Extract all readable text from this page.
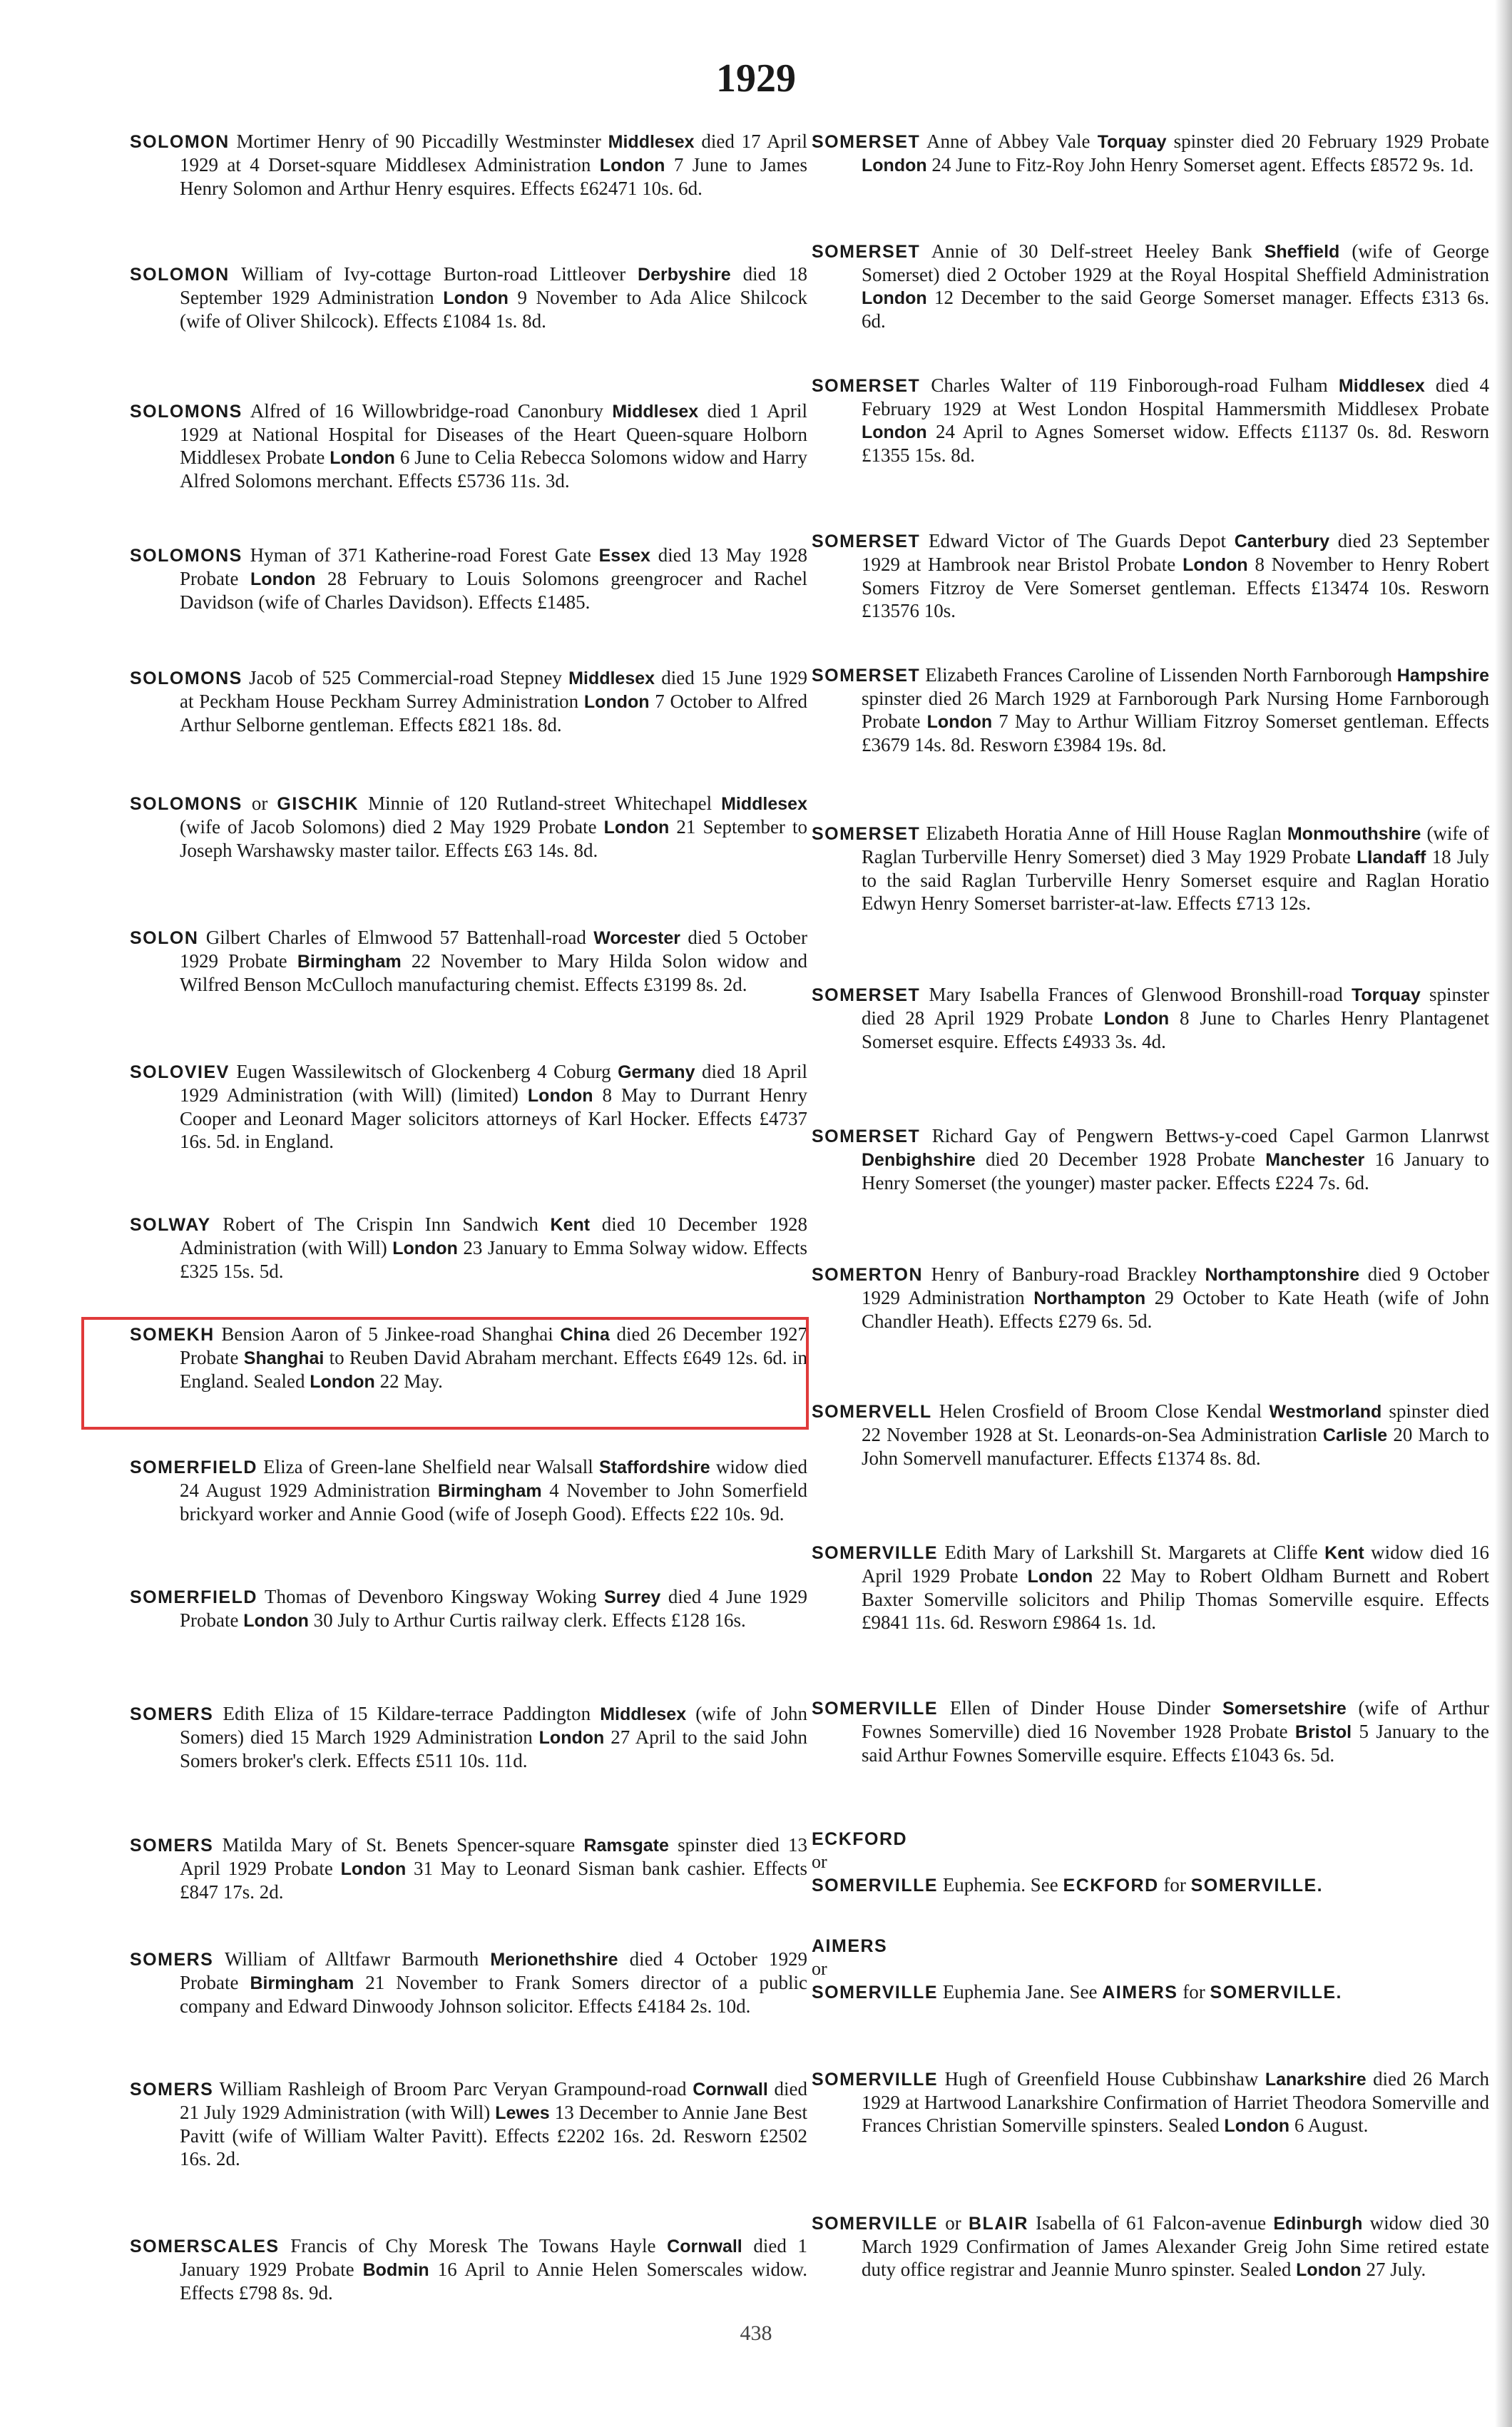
1929
SOLOMON Mortimer Henry of 90 Piccadilly Westminster Middlesex died 17 April 1929 at 4 Dorset-square Middlesex Administration London 7 June to James Henry Solomon and Arthur Henry esquires. Effects £62471 10s. 6d.
SOLOMON William of Ivy-cottage Burton-road Littleover Derbyshire died 18 September 1929 Administration London 9 November to Ada Alice Shilcock (wife of Oliver Shilcock). Effects £1084 1s. 8d.
SOLOMONS Alfred of 16 Willowbridge-road Canonbury Middlesex died 1 April 1929 at National Hospital for Diseases of the Heart Queen-square Holborn Middlesex Probate London 6 June to Celia Rebecca Solomons widow and Harry Alfred Solomons merchant. Effects £5736 11s. 3d.
SOLOMONS Hyman of 371 Katherine-road Forest Gate Essex died 13 May 1928 Probate London 28 February to Louis Solomons greengrocer and Rachel Davidson (wife of Charles Davidson). Effects £1485.
SOLOMONS Jacob of 525 Commercial-road Stepney Middlesex died 15 June 1929 at Peckham House Peckham Surrey Administration London 7 October to Alfred Arthur Selborne gentleman. Effects £821 18s. 8d.
SOLOMONS or GISCHIK Minnie of 120 Rutland-street Whitechapel Middlesex (wife of Jacob Solomons) died 2 May 1929 Probate London 21 September to Joseph Warshawsky master tailor. Effects £63 14s. 8d.
SOLON Gilbert Charles of Elmwood 57 Battenhall-road Worcester died 5 October 1929 Probate Birmingham 22 November to Mary Hilda Solon widow and Wilfred Benson McCulloch manufacturing chemist. Effects £3199 8s. 2d.
SOLOVIEV Eugen Wassilewitsch of Glockenberg 4 Coburg Germany died 18 April 1929 Administration (with Will) (limited) London 8 May to Durrant Henry Cooper and Leonard Mager solicitors attorneys of Karl Hocker. Effects £4737 16s. 5d. in England.
SOLWAY Robert of The Crispin Inn Sandwich Kent died 10 December 1928 Administration (with Will) London 23 January to Emma Solway widow. Effects £325 15s. 5d.
SOMEKH Bension Aaron of 5 Jinkee-road Shanghai China died 26 December 1927 Probate Shanghai to Reuben David Abraham merchant. Effects £649 12s. 6d. in England. Sealed London 22 May.
SOMERFIELD Eliza of Green-lane Shelfield near Walsall Staffordshire widow died 24 August 1929 Administration Birmingham 4 November to John Somerfield brickyard worker and Annie Good (wife of Joseph Good). Effects £22 10s. 9d.
SOMERFIELD Thomas of Devenboro Kingsway Woking Surrey died 4 June 1929 Probate London 30 July to Arthur Curtis railway clerk. Effects £128 16s.
SOMERS Edith Eliza of 15 Kildare-terrace Paddington Middlesex (wife of John Somers) died 15 March 1929 Administration London 27 April to the said John Somers broker's clerk. Effects £511 10s. 11d.
SOMERS Matilda Mary of St. Benets Spencer-square Ramsgate spinster died 13 April 1929 Probate London 31 May to Leonard Sisman bank cashier. Effects £847 17s. 2d.
SOMERS William of Alltfawr Barmouth Merionethshire died 4 October 1929 Probate Birmingham 21 November to Frank Somers director of a public company and Edward Dinwoody Johnson solicitor. Effects £4184 2s. 10d.
SOMERS William Rashleigh of Broom Parc Veryan Grampound-road Cornwall died 21 July 1929 Administration (with Will) Lewes 13 December to Annie Jane Best Pavitt (wife of William Walter Pavitt). Effects £2202 16s. 2d. Resworn £2502 16s. 2d.
SOMERSCALES Francis of Chy Moresk The Towans Hayle Cornwall died 1 January 1929 Probate Bodmin 16 April to Annie Helen Somerscales widow. Effects £798 8s. 9d.
SOMERSET Anne of Abbey Vale Torquay spinster died 20 February 1929 Probate London 24 June to Fitz-Roy John Henry Somerset agent. Effects £8572 9s. 1d.
SOMERSET Annie of 30 Delf-street Heeley Bank Sheffield (wife of George Somerset) died 2 October 1929 at the Royal Hospital Sheffield Administration London 12 December to the said George Somerset manager. Effects £313 6s. 6d.
SOMERSET Charles Walter of 119 Finborough-road Fulham Middlesex died 4 February 1929 at West London Hospital Hammersmith Middlesex Probate London 24 April to Agnes Somerset widow. Effects £1137 0s. 8d. Resworn £1355 15s. 8d.
SOMERSET Edward Victor of The Guards Depot Canterbury died 23 September 1929 at Hambrook near Bristol Probate London 8 November to Henry Robert Somers Fitzroy de Vere Somerset gentleman. Effects £13474 10s. Resworn £13576 10s.
SOMERSET Elizabeth Frances Caroline of Lissenden North Farnborough Hampshire spinster died 26 March 1929 at Farnborough Park Nursing Home Farnborough Probate London 7 May to Arthur William Fitzroy Somerset gentleman. Effects £3679 14s. 8d. Resworn £3984 19s. 8d.
SOMERSET Elizabeth Horatia Anne of Hill House Raglan Monmouthshire (wife of Raglan Turberville Henry Somerset) died 3 May 1929 Probate Llandaff 18 July to the said Raglan Turberville Henry Somerset esquire and Raglan Horatio Edwyn Henry Somerset barrister-at-law. Effects £713 12s.
SOMERSET Mary Isabella Frances of Glenwood Bronshill-road Torquay spinster died 28 April 1929 Probate London 8 June to Charles Henry Plantagenet Somerset esquire. Effects £4933 3s. 4d.
SOMERSET Richard Gay of Pengwern Bettws-y-coed Capel Garmon Llanrwst Denbighshire died 20 December 1928 Probate Manchester 16 January to Henry Somerset (the younger) master packer. Effects £224 7s. 6d.
SOMERTON Henry of Banbury-road Brackley Northamptonshire died 9 October 1929 Administration Northampton 29 October to Kate Heath (wife of John Chandler Heath). Effects £279 6s. 5d.
SOMERVELL Helen Crosfield of Broom Close Kendal Westmorland spinster died 22 November 1928 at St. Leonards-on-Sea Administration Carlisle 20 March to John Somervell manufacturer. Effects £1374 8s. 8d.
SOMERVILLE Edith Mary of Larkshill St. Margarets at Cliffe Kent widow died 16 April 1929 Probate London 22 May to Robert Oldham Burnett and Robert Baxter Somerville solicitors and Philip Thomas Somerville esquire. Effects £9841 11s. 6d. Resworn £9864 1s. 1d.
SOMERVILLE Ellen of Dinder House Dinder Somersetshire (wife of Arthur Fownes Somerville) died 16 November 1928 Probate Bristol 5 January to the said Arthur Fownes Somerville esquire. Effects £1043 6s. 5d.
ECKFORD
or
SOMERVILLE Euphemia. See ECKFORD for SOMERVILLE.
AIMERS
or
SOMERVILLE Euphemia Jane. See AIMERS for SOMERVILLE.
SOMERVILLE Hugh of Greenfield House Cubbinshaw Lanarkshire died 26 March 1929 at Hartwood Lanarkshire Confirmation of Harriet Theodora Somerville and Frances Christian Somerville spinsters. Sealed London 6 August.
SOMERVILLE or BLAIR Isabella of 61 Falcon-avenue Edinburgh widow died 30 March 1929 Confirmation of James Alexander Greig John Sime retired estate duty office registrar and Jeannie Munro spinster. Sealed London 27 July.
438
